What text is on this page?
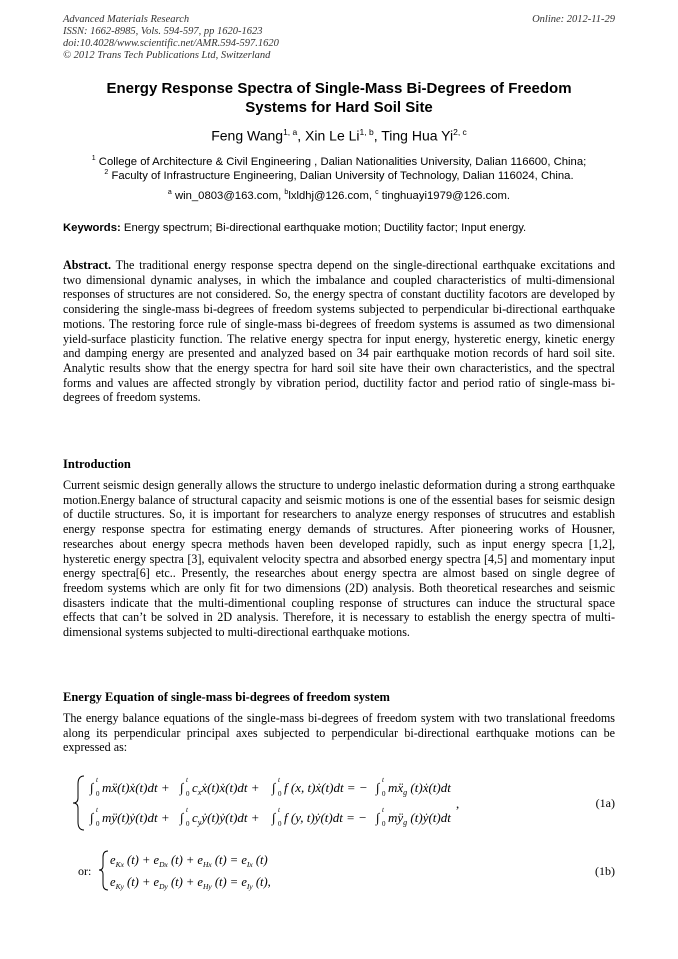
Advanced Materials Research
ISSN: 1662-8985, Vols. 594-597, pp 1620-1623
doi:10.4028/www.scientific.net/AMR.594-597.1620
© 2012 Trans Tech Publications Ltd, Switzerland
Online: 2012-11-29
Energy Response Spectra of Single-Mass Bi-Degrees of Freedom
Systems for Hard Soil Site
Feng Wang$^{1, a}$, Xin Le Li$^{1, b}$, Ting Hua Yi$^{2, c}$
$^1$ College of Architecture & Civil Engineering , Dalian Nationalities University, Dalian 116600, China;
$^2$ Faculty of Infrastructure Engineering, Dalian University of Technology, Dalian 116024, China.
$^a$ win_0803@163.com, $^b$lxldhj@126.com, $^c$ tinghuayi1979@126.com.
Keywords: Energy spectrum; Bi-directional earthquake motion; Ductility factor; Input energy.
Abstract. The traditional energy response spectra depend on the single-directional earthquake excitations and two dimensional dynamic analyses, in which the imbalance and coupled characteristics of multi-dimensional responses of structures are not considered. So, the energy spectra of constant ductility facotors are developed by considering the single-mass bi-degrees of freedom systems subjected to perpendicular bi-directional earthquake motions. The restoring force rule of single-mass bi-degrees of freedom systems is assumed as two dimensional yield-surface plasticity function. The relative energy spectra for input energy, hysteretic energy, kinetic energy and damping energy are presented and analyzed based on 34 pair earthquake motion records of hard soil site. Analytic results show that the energy spectra for hard soil site have their own characteristics, and the spectral forms and values are affected strongly by vibration period, ductility factor and period ratio of single-mass bi-degrees of freedom systems.
Introduction
Current seismic design generally allows the structure to undergo inelastic deformation during a strong earthquake motion.Energy balance of structural capacity and seismic motions is one of the essential bases for seismic design of ductile structures. So, it is important for researchers to analyze energy responses of strucutres and establish energy response spectra for estimating energy demands of structures. After pioneering works of Housner, researches about energy specra methods haven been developed rapidly, such as input energy specra [1,2], hysteretic energy spectra [3], equivalent velocity spectra and absorbed energy spectra [4,5] and momentary input energy spectra[6] etc.. Presently, the researches about energy spectra are almost based on single degree of freedom systems which are only fit for two dimensions (2D) analysis. Both theoretical researches and seismic disasters indicate that the multi-dimentional coupling response of structures can induce the structural space effects that can’t be solved in 2D analysis. Therefore, it is necessary to establish the energy spectra of multi-dimensional systems subjected to multi-directional earthquake motions.
Energy Equation of single-mass bi-degrees of freedom system
The energy balance equations of the single-mass bi-degrees of freedom system with two translational freedoms along its perpendicular principal axes subjected to perpendicular bi-directional earthquake motions can be expressed as:
∫ t
0 mẍ(t)ẋ(t)dt + ∫ t
0 $c_xẋ(t)ẋ(t)dt$ + ∫ t
0 f (x, t)ẋ(t)dt = − ∫ t
0 mẍ$_g$ (t)ẋ(t)dt
∫ t
0 mÿ(t)ẏ(t)dt + ∫ t
0 $c_yẏ(t)ẏ(t)dt$ + ∫ t
0 f (y, t)ẏ(t)dt = − ∫ t
0 $mÿ_g$ (t)ẏ(t)dt
,	(1a)
or:
$e_{Kx}$ $(t) + e_{Dx}$ $(t) + e_{Hx}$ $(t) = e_{Ix}$ (t)
$e_{Ky}$ $(t) + e_{Dy}$ $(t) + e_{Hy}$ $(t) = e_{Iy}$ (t),
(1b)
